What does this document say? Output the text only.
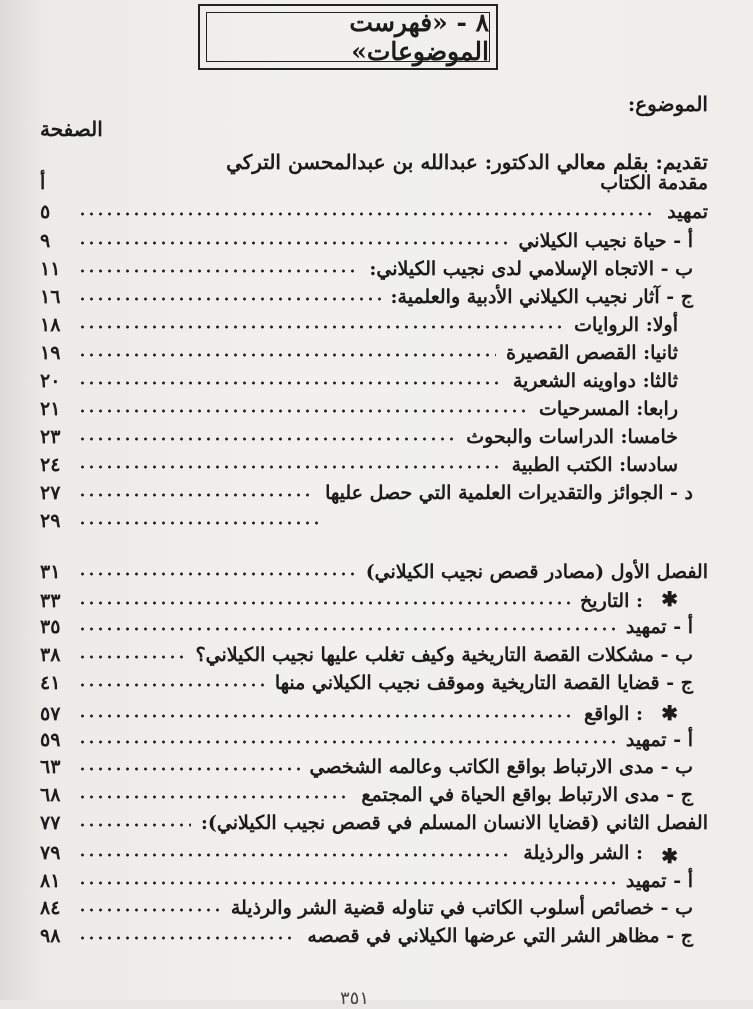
٨ - «فهرست الموضوعات»
الموضوع:
الصفحة
تقديم: بقلم معالي الدكتور: عبدالله بن عبدالمحسن التركي
مقدمة الكتاب
أ
تمهيد
٥
أ - حياة نجيب الكيلاني
٩
ب - الاتجاه الإسلامي لدى نجيب الكيلاني:
١١
ج - آثار نجيب الكيلاني الأدبية والعلمية:
١٦
أولا: الروايات
١٨
ثانيا: القصص القصيرة
١٩
ثالثا: دواوينه الشعرية
٢٠
رابعا: المسرحيات
٢١
خامسا: الدراسات والبحوث
٢٣
سادسا: الكتب الطبية
٢٤
د - الجوائز والتقديرات العلمية التي حصل عليها
٢٧
٢٩
الفصل الأول (مصادر قصص نجيب الكيلاني)
٣١
✱
: التاريخ
٣٣
أ - تمهيد
٣٥
ب - مشكلات القصة التاريخية وكيف تغلب عليها نجيب الكيلاني؟
٣٨
ج - قضايا القصة التاريخية وموقف نجيب الكيلاني منها
٤١
✱
: الواقع
٥٧
أ - تمهيد
٥٩
ب - مدى الارتباط بواقع الكاتب وعالمه الشخصي
٦٣
ج - مدى الارتباط بواقع الحياة في المجتمع
٦٨
الفصل الثاني (قضايا الانسان المسلم في قصص نجيب الكيلاني):
٧٧
✱
: الشر والرذيلة
٧٩
أ - تمهيد
٨١
ب - خصائص أسلوب الكاتب في تناوله قضية الشر والرذيلة
٨٤
ج - مظاهر الشر التي عرضها الكيلاني في قصصه
٩٨
٣٥١
